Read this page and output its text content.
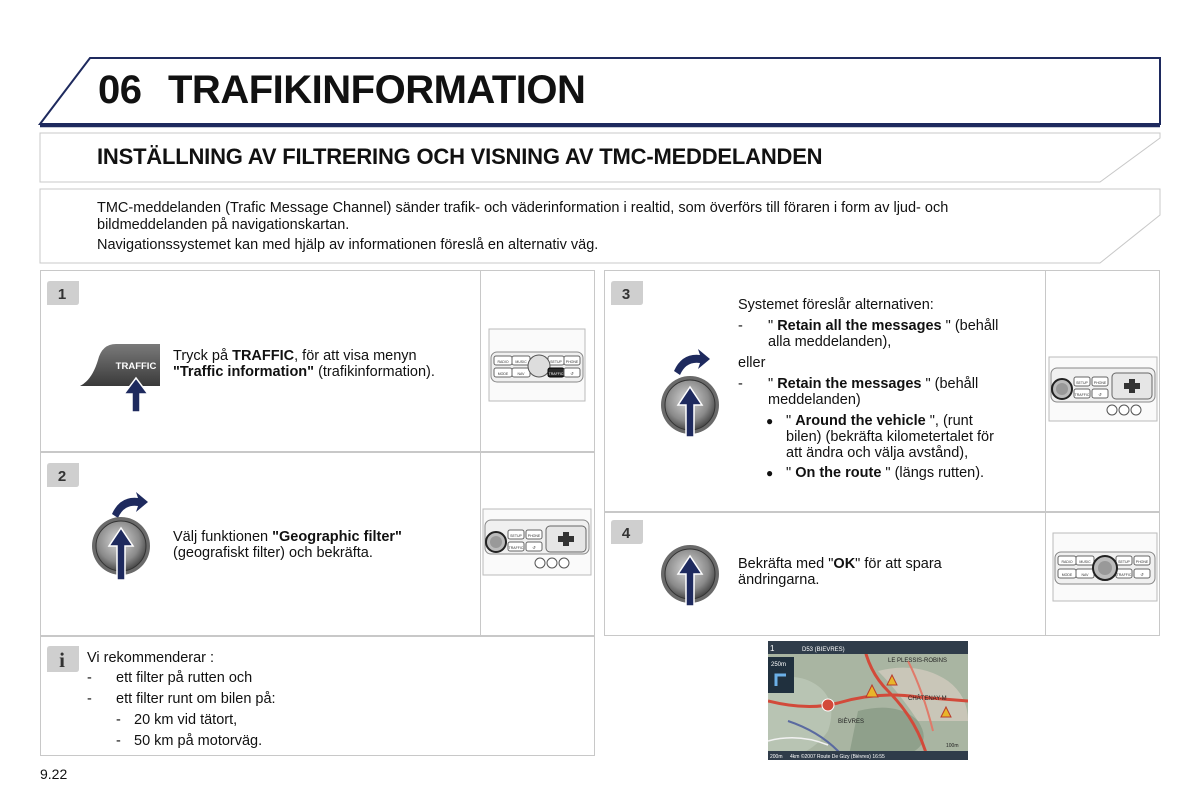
06 TRAFIKINFORMATION
INSTÄLLNING AV FILTRERING OCH VISNING AV TMC-MEDDELANDEN
TMC-meddelanden (Trafic Message Channel) sänder trafik- och väderinformation i realtid, som överförs till föraren i form av ljud- och
bildmeddelanden på navigationskartan.
Navigationssystemet kan med hjälp av informationen föreslå en alternativ väg.
1
2
3
4
TRAFFIC
Tryck på TRAFFIC, för att visa menyn
"Traffic information" (trafikinformation).
RADIO MUSIC	SETUP PHONE
MODE	NAV	TRAFFIC ↺
Välj funktionen "Geographic filter"
(geografiskt filter) och bekräfta.
SETUP PHONE
TRAFFIC ↺
Systemet föreslår alternativen:
- " Retain all the messages " (behåll
alla meddelanden),
eller
- " Retain the messages " (behåll
meddelanden)
● " Around the vehicle ", (runt
bilen) (bekräfta kilometertalet för
att ändra och välja avstånd),
● " On the route " (längs rutten).
SETUP PHONE
TRAFFIC ↺
Bekräfta med "OK" för att spara
ändringarna.
RADIO MUSIC	SETUP PHONE
MODE	NAV	TRAFFIC ↺
i Vi rekommenderar :
- ett filter på rutten och
- ett filter runt om bilen på:
- 20 km vid tätort,
- 50 km på motorväg.
1	D53 (BIEVRES)
250m
LE PLESSIS-ROBINS
CHÂTENAY-M
BIÈVRES
4km ©2007 Route De Gizy (Bièvres) 16:55
200m
100m
9.22
